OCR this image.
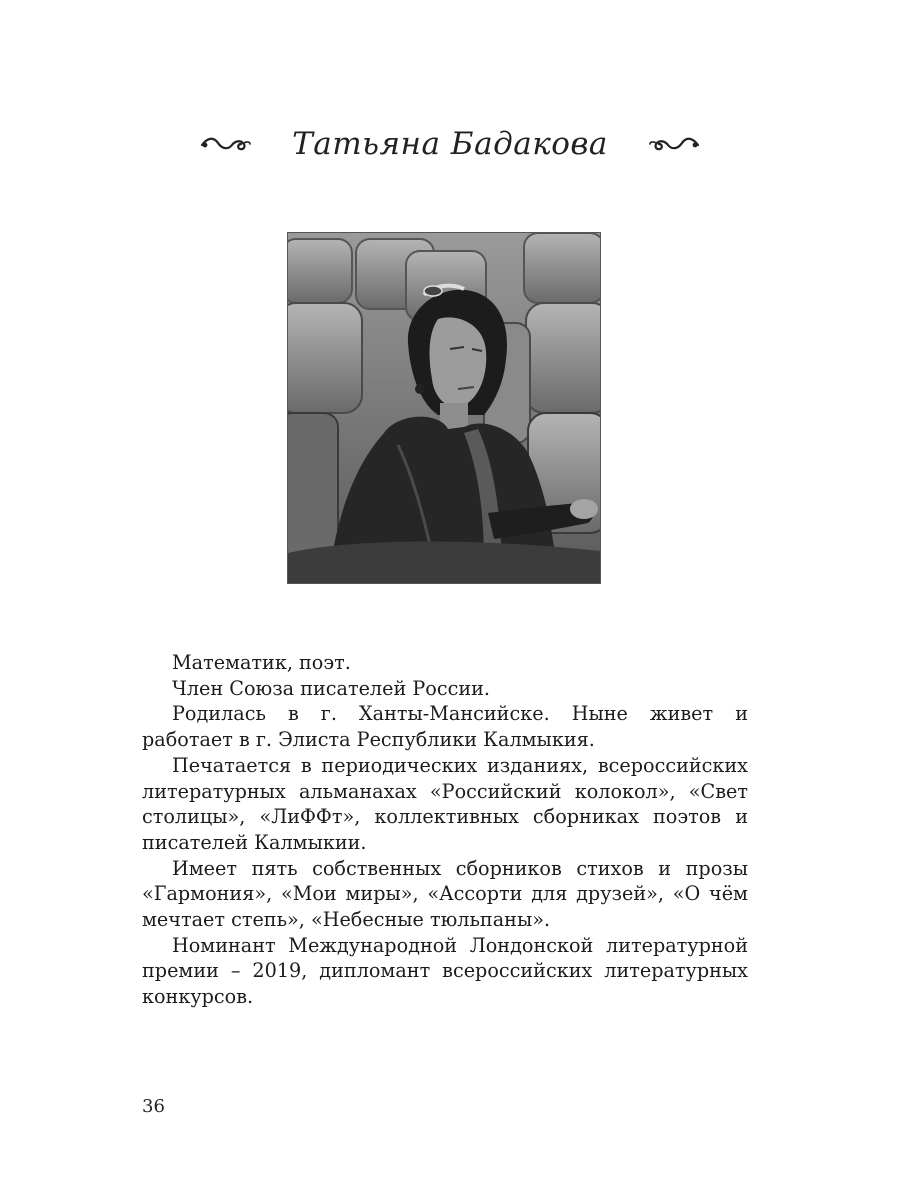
Татьяна Бадакова

Математик, поэт.

Член Союза писателей России.

Родилась в г. Ханты-Мансийске. Ныне живет и работает в г. Элиста Республики Калмыкия.

Печатается в периодических изданиях, всероссийских литературных альманахах «Российский колокол», «Свет столицы», «ЛиФФт», коллективных сборниках поэтов и писателей Калмыкии.

Имеет пять собственных сборников стихов и прозы «Гармония», «Мои миры», «Ассорти для друзей», «О чём мечтает степь», «Небесные тюльпаны».

Номинант Международной Лондонской литературной премии – 2019, дипломант всероссийских литературных конкурсов.

36
